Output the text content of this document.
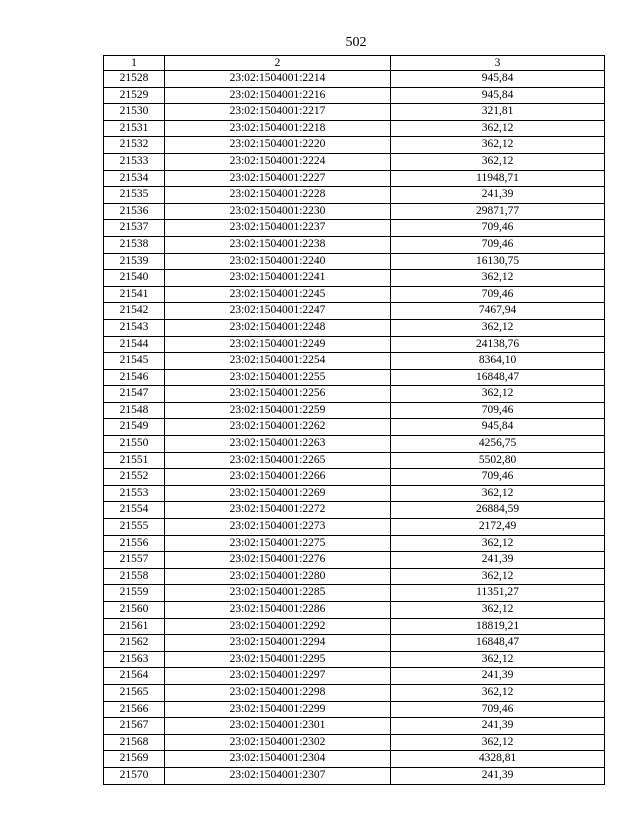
502
1	2	3
21528	23:02:1504001:2214	945,84
21529	23:02:1504001:2216	945,84
21530	23:02:1504001:2217	321,81
21531	23:02:1504001:2218	362,12
21532	23:02:1504001:2220	362,12
21533	23:02:1504001:2224	362,12
21534	23:02:1504001:2227	11948,71
21535	23:02:1504001:2228	241,39
21536	23:02:1504001:2230	29871,77
21537	23:02:1504001:2237	709,46
21538	23:02:1504001:2238	709,46
21539	23:02:1504001:2240	16130,75
21540	23:02:1504001:2241	362,12
21541	23:02:1504001:2245	709,46
21542	23:02:1504001:2247	7467,94
21543	23:02:1504001:2248	362,12
21544	23:02:1504001:2249	24138,76
21545	23:02:1504001:2254	8364,10
21546	23:02:1504001:2255	16848,47
21547	23:02:1504001:2256	362,12
21548	23:02:1504001:2259	709,46
21549	23:02:1504001:2262	945,84
21550	23:02:1504001:2263	4256,75
21551	23:02:1504001:2265	5502,80
21552	23:02:1504001:2266	709,46
21553	23:02:1504001:2269	362,12
21554	23:02:1504001:2272	26884,59
21555	23:02:1504001:2273	2172,49
21556	23:02:1504001:2275	362,12
21557	23:02:1504001:2276	241,39
21558	23:02:1504001:2280	362,12
21559	23:02:1504001:2285	11351,27
21560	23:02:1504001:2286	362,12
21561	23:02:1504001:2292	18819,21
21562	23:02:1504001:2294	16848,47
21563	23:02:1504001:2295	362,12
21564	23:02:1504001:2297	241,39
21565	23:02:1504001:2298	362,12
21566	23:02:1504001:2299	709,46
21567	23:02:1504001:2301	241,39
21568	23:02:1504001:2302	362,12
21569	23:02:1504001:2304	4328,81
21570	23:02:1504001:2307	241,39
